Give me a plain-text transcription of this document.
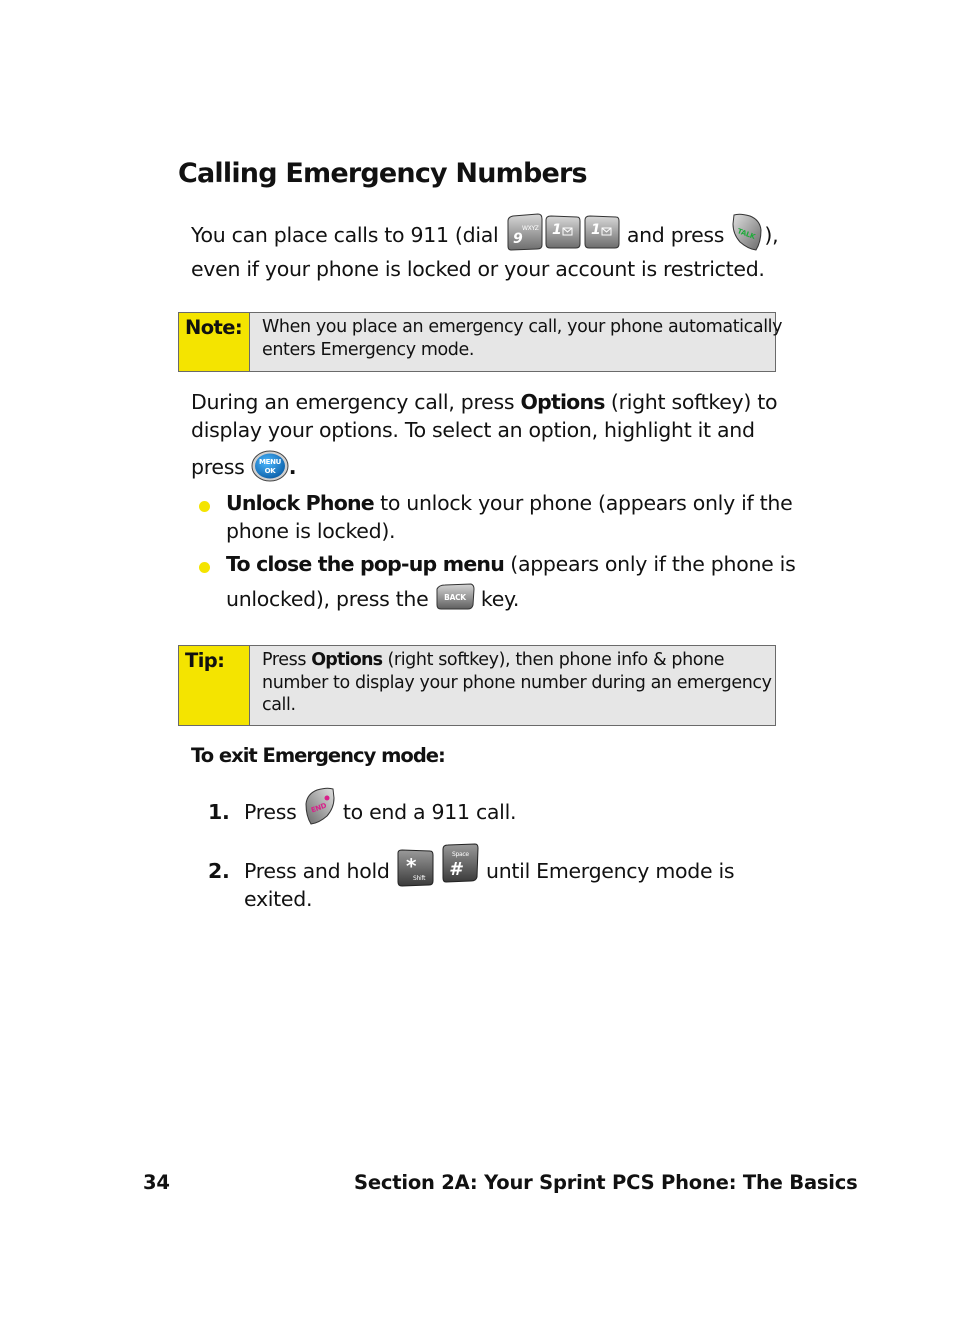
Calling Emergency Numbers
You can place calls to 911 (dial 9
WXYZ 1 1 and press TALK ),
even if your phone is locked or your account is restricted.
Note:	When you place an emergency call, your phone automatically
enters Emergency mode.
During an emergency call, press Options (right softkey) to
display your options. To select an option, highlight it and
press MENU
OK .
Unlock Phone to unlock your phone (appears only if the
phone is locked).
To close the pop-up menu (appears only if the phone is
unlocked), press the BACK key.
Tip:	Press Options (right softkey), then phone info & phone
number to display your phone number during an emergency
call.
To exit Emergency mode:
1. Press END to end a 911 call.
2. Press and hold *
Shift #
Space
until Emergency mode is
exited.
34	Section 2A: Your Sprint PCS Phone: The Basics
